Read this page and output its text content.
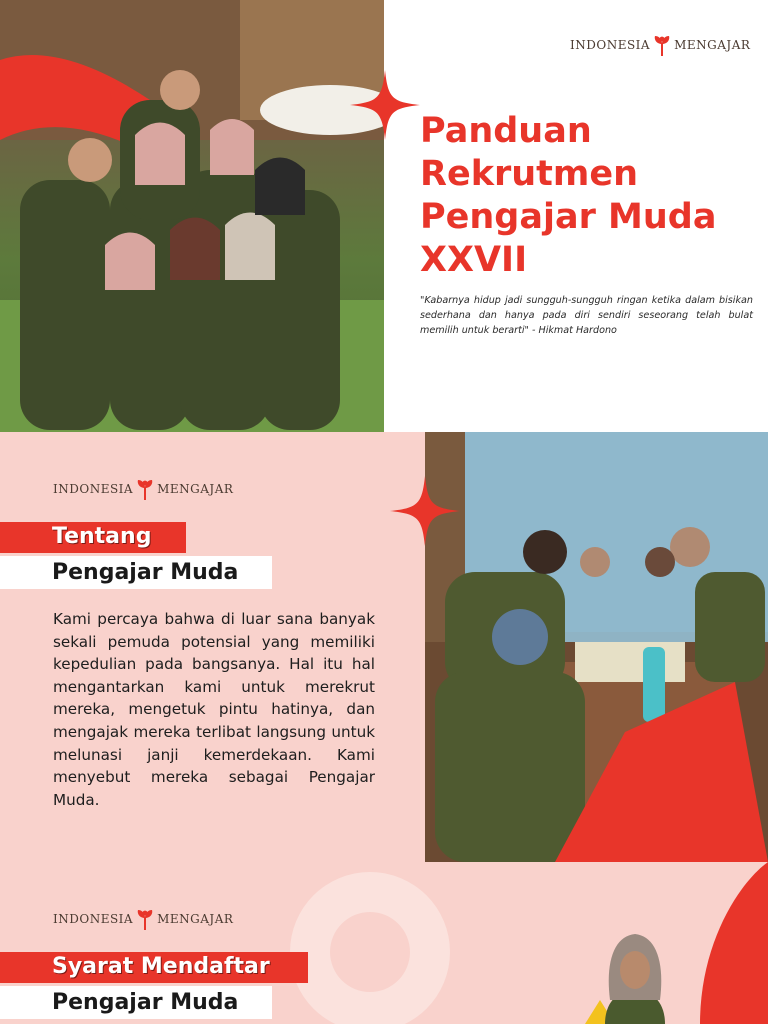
INDONESIA MENGAJAR
Panduan
Rekrutmen
Pengajar Muda
XXVII
"Kabarnya hidup jadi sungguh-sungguh ringan ketika dalam bisikan sederhana dan hanya pada diri sendiri seseorang telah bulat memilih untuk berarti" - Hikmat Hardono
INDONESIA MENGAJAR
Tentang
Pengajar Muda
Kami percaya bahwa di luar sana banyak sekali pemuda potensial yang memiliki kepedulian pada bangsanya. Hal itu hal mengantarkan kami untuk merekrut mereka, mengetuk pintu hatinya, dan mengajak mereka terlibat langsung untuk melunasi janji kemerdekaan. Kami menyebut mereka sebagai Pengajar Muda.
INDONESIA MENGAJAR
Syarat Mendaftar
Pengajar Muda
